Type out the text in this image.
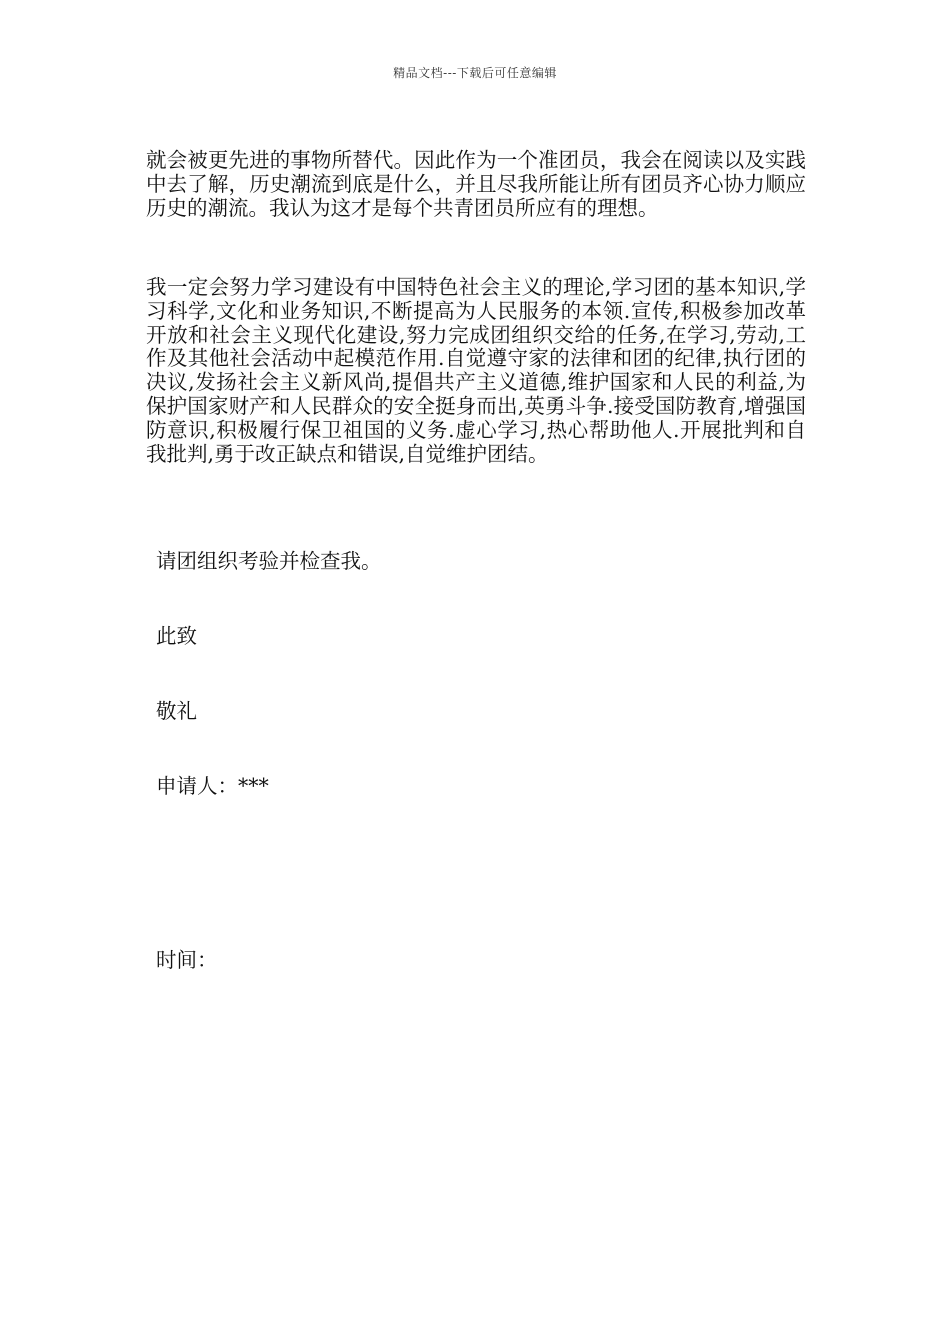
精品文档---下载后可任意编辑

就会被更先进的事物所替代。因此作为一个准团员，我会在阅读以及实践中去了解，历史潮流到底是什么，并且尽我所能让所有团员齐心协力顺应历史的潮流。我认为这才是每个共青团员所应有的理想。

我一定会努力学习建设有中国特色社会主义的理论,学习团的基本知识,学习科学,文化和业务知识,不断提高为人民服务的本领.宣传,积极参加改革开放和社会主义现代化建设,努力完成团组织交给的任务,在学习,劳动,工作及其他社会活动中起模范作用.自觉遵守家的法律和团的纪律,执行团的决议,发扬社会主义新风尚,提倡共产主义道德,维护国家和人民的利益,为保护国家财产和人民群众的安全挺身而出,英勇斗争.接受国防教育,增强国防意识,积极履行保卫祖国的义务.虚心学习,热心帮助他人.开展批判和自我批判,勇于改正缺点和错误,自觉维护团结。

请团组织考验并检查我。

此致

敬礼

申请人：***

时间：
